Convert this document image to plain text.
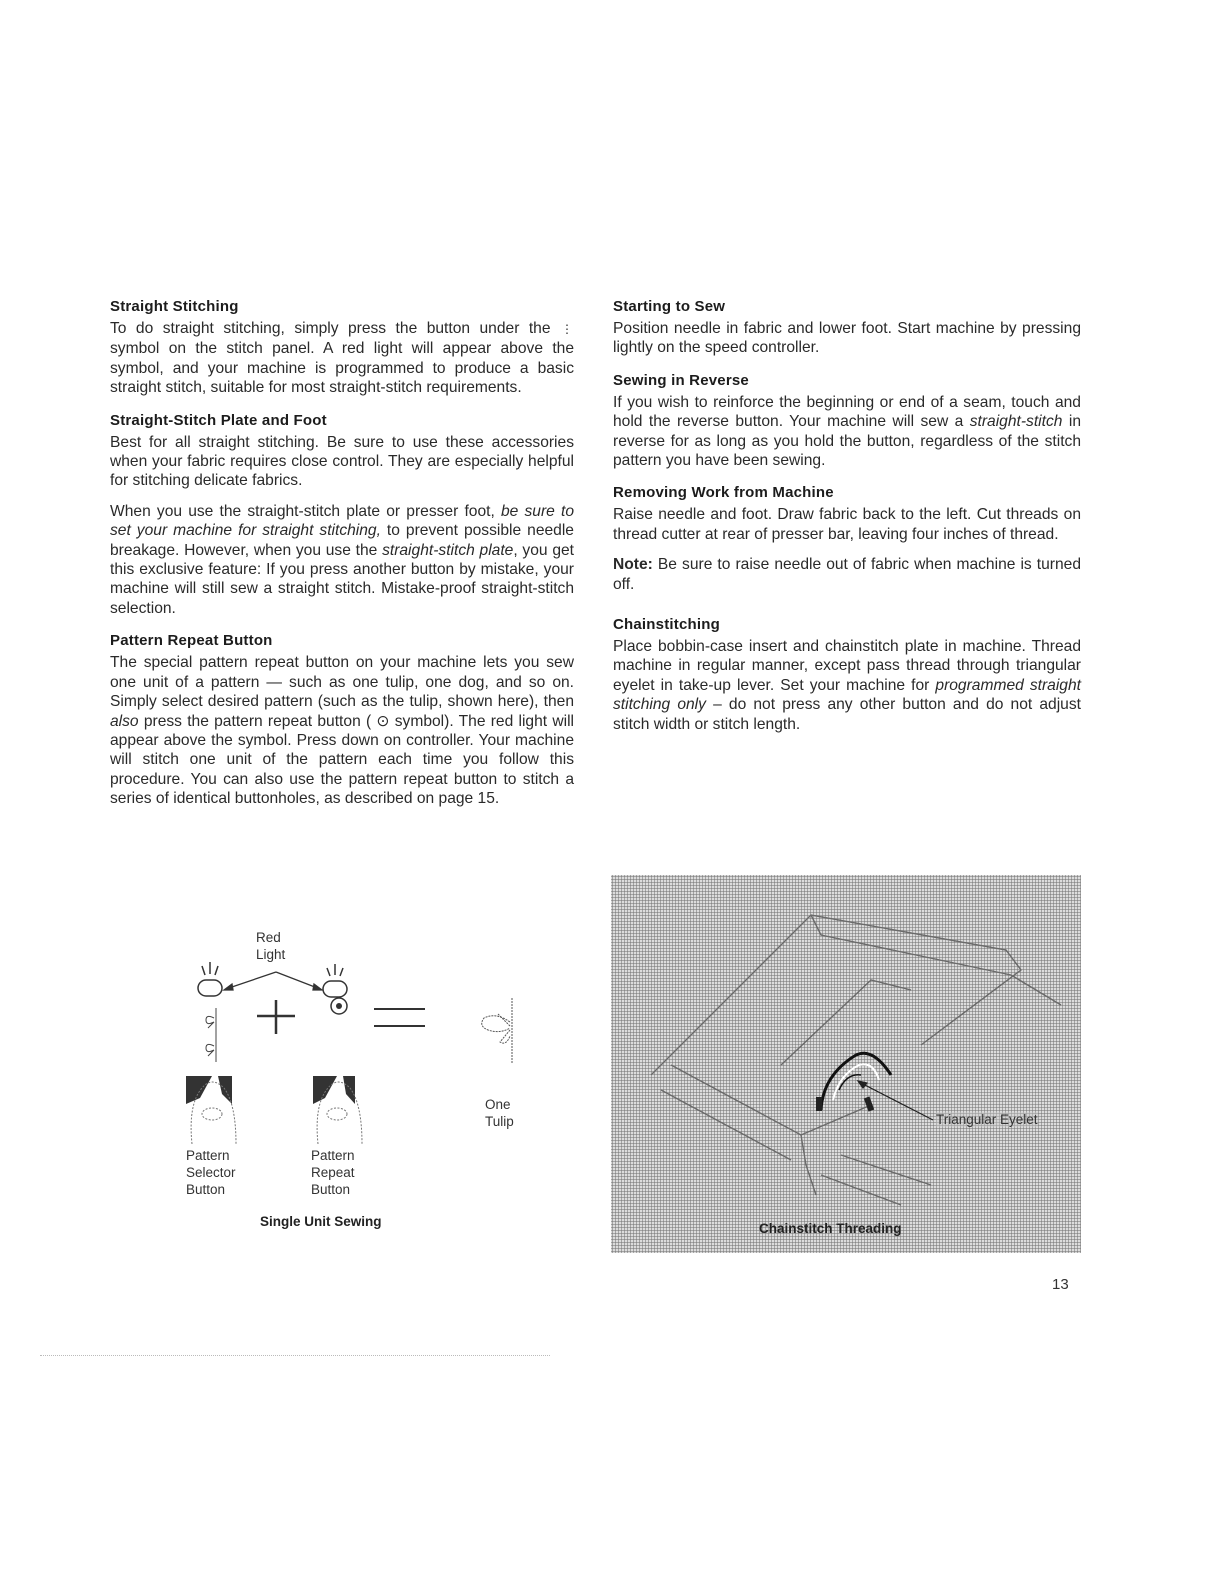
Straight Stitching

To do straight stitching, simply press the button under the ⋮ symbol on the stitch panel. A red light will appear above the symbol, and your machine is programmed to produce a basic straight stitch, suitable for most straight-stitch requirements.

Straight-Stitch Plate and Foot

Best for all straight stitching. Be sure to use these accessories when your fabric requires close control. They are especially helpful for stitching delicate fabrics.

When you use the straight-stitch plate or presser foot, be sure to set your machine for straight stitching, to prevent possible needle breakage. However, when you use the straight-stitch plate, you get this exclusive feature: If you press another button by mistake, your machine will still sew a straight stitch. Mistake-proof straight-stitch selection.

Pattern Repeat Button

The special pattern repeat button on your machine lets you sew one unit of a pattern — such as one tulip, one dog, and so on. Simply select desired pattern (such as the tulip, shown here), then also press the pattern repeat button ( ⊙ symbol). The red light will appear above the symbol. Press down on controller. Your machine will stitch one unit of the pattern each time you follow this procedure. You can also use the pattern repeat button to stitch a series of identical buttonholes, as described on page 15.

Red
Light
Pattern
Selector
Button
Pattern
Repeat
Button
One
Tulip
Single Unit Sewing
Starting to Sew

Position needle in fabric and lower foot. Start machine by pressing lightly on the speed controller.

Sewing in Reverse

If you wish to reinforce the beginning or end of a seam, touch and hold the reverse button. Your machine will sew a straight-stitch in reverse for as long as you hold the button, regardless of the stitch pattern you have been sewing.

Removing Work from Machine

Raise needle and foot. Draw fabric back to the left. Cut threads on thread cutter at rear of presser bar, leaving four inches of thread.

Note: Be sure to raise needle out of fabric when machine is turned off.

Chainstitching

Place bobbin-case insert and chainstitch plate in machine. Thread machine in regular manner, except pass thread through triangular eyelet in take-up lever. Set your machine for programmed straight stitching only – do not press any other button and do not adjust stitch width or stitch length.

Triangular Eyelet
Chainstitch Threading
13
